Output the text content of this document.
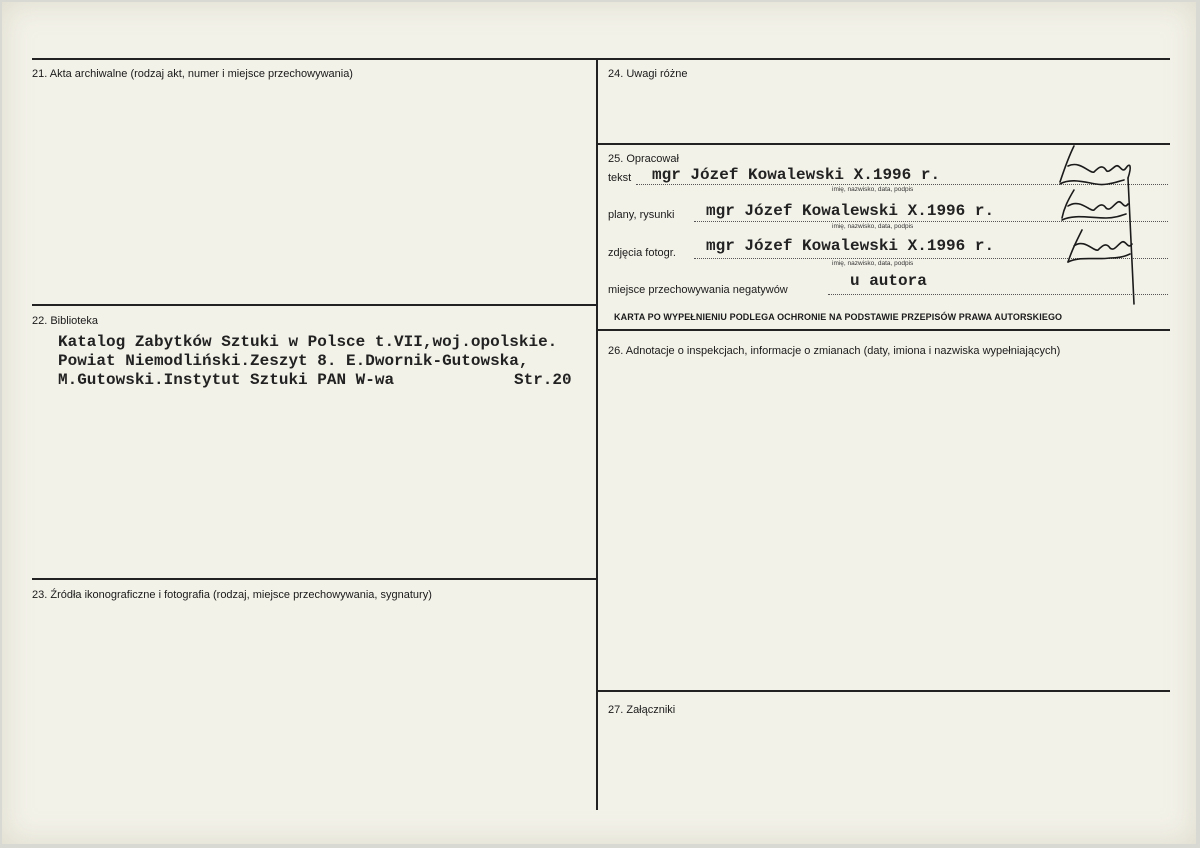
21. Akta archiwalne (rodzaj akt, numer i miejsce przechowywania)
22. Biblioteka
Katalog Zabytków Sztuki w Polsce t.VII,woj.opolskie.
Powiat Niemodliński.Zeszyt 8. E.Dwornik-Gutowska,
M.Gutowski.Instytut Sztuki PAN W-wa	Str.20
23. Źródła ikonograficzne i fotografia (rodzaj, miejsce przechowywania, sygnatury)
24. Uwagi różne
25. Opracował
tekst mgr Józef Kowalewski X.1996 r.
imię, nazwisko, data, podpis
plany, rysunki mgr Józef Kowalewski X.1996 r.
imię, nazwisko, data, podpis
zdjęcia fotogr. mgr Józef Kowalewski X.1996 r.
imię, nazwisko, data, podpis
miejsce przechowywania negatywów	u autora
KARTA PO WYPEŁNIENIU PODLEGA OCHRONIE NA PODSTAWIE PRZEPISÓW PRAWA AUTORSKIEGO
26. Adnotacje o inspekcjach, informacje o zmianach (daty, imiona i nazwiska wypełniających)
27. Załączniki
